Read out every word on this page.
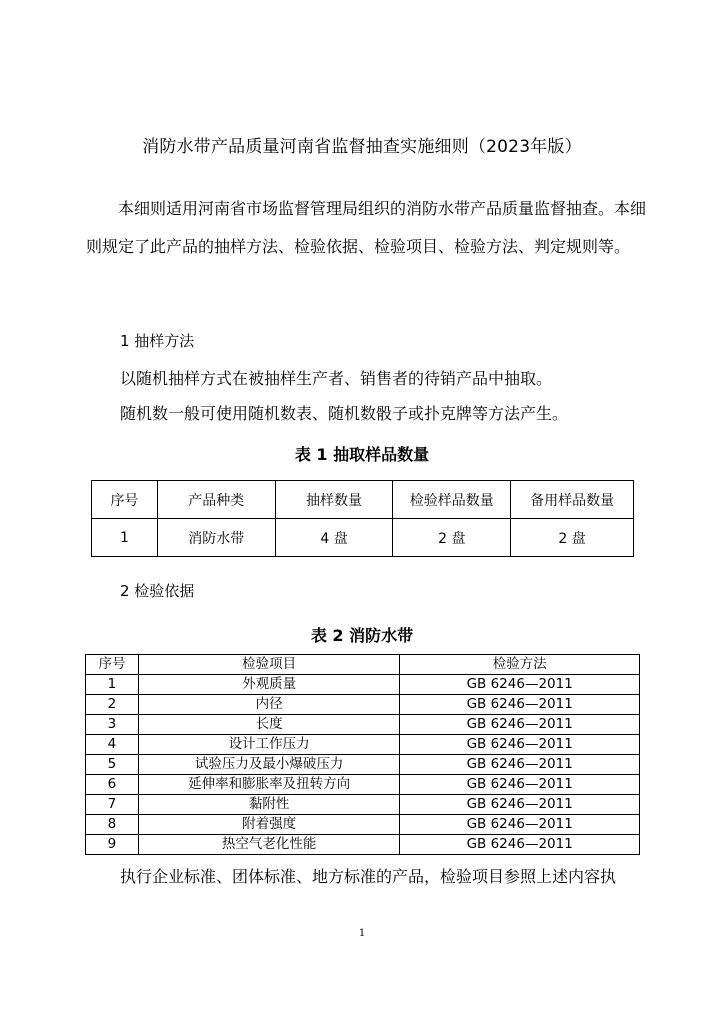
消防水带产品质量河南省监督抽查实施细则（2023年版）

本细则适用河南省市场监督管理局组织的消防水带产品质量监督抽查。本细则规定了此产品的抽样方法、检验依据、检验项目、检验方法、判定规则等。

1 抽样方法
以随机抽样方式在被抽样生产者、销售者的待销产品中抽取。
随机数一般可使用随机数表、随机数骰子或扑克牌等方法产生。
表 1 抽取样品数量
序号	产品种类	抽样数量	检验样品数量	备用样品数量
1	消防水带	4 盘	2 盘	2 盘
2 检验依据
表 2 消防水带
序号	检验项目	检验方法
1	外观质量	GB 6246—2011
2	内径	GB 6246—2011
3	长度	GB 6246—2011
4	设计工作压力	GB 6246—2011
5	试验压力及最小爆破压力	GB 6246—2011
6	延伸率和膨胀率及扭转方向	GB 6246—2011
7	黏附性	GB 6246—2011
8	附着强度	GB 6246—2011
9	热空气老化性能	GB 6246—2011
执行企业标准、团体标准、地方标准的产品，检验项目参照上述内容执
1
